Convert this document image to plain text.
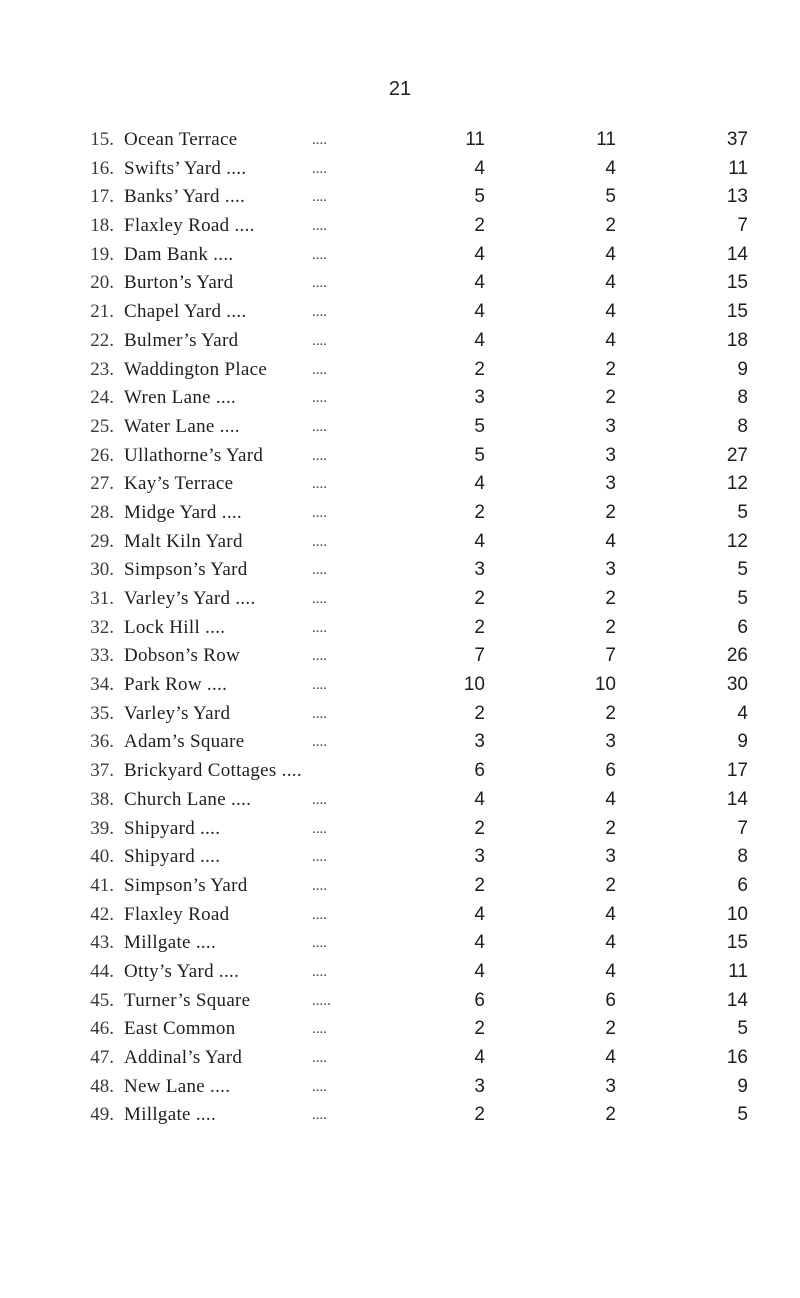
21
15. Ocean Terrace	....	11	11	37
16. Swifts’ Yard ....	....	4	4	11
17. Banks’ Yard ....	....	5	5	13
18. Flaxley Road ....	....	2	2	7
19. Dam Bank ....	....	4	4	14
20. Burton’s Yard	....	4	4	15
21. Chapel Yard ....	....	4	4	15
22. Bulmer’s Yard	....	4	4	18
23. Waddington Place	....	2	2	9
24. Wren Lane ....	....	3	2	8
25. Water Lane ....	....	5	3	8
26. Ullathorne’s Yard	....	5	3	27
27. Kay’s Terrace	....	4	3	12
28. Midge Yard ....	....	2	2	5
29. Malt Kiln Yard	....	4	4	12
30. Simpson’s Yard	....	3	3	5
31. Varley’s Yard ....	....	2	2	5
32. Lock Hill ....	....	2	2	6
33. Dobson’s Row	....	7	7	26
34. Park Row ....	....	10	10	30
35. Varley’s Yard	....	2	2	4
36. Adam’s Square	....	3	3	9
37. Brickyard Cottages ....	6	6	17
38. Church Lane ....	....	4	4	14
39. Shipyard ....	....	2	2	7
40. Shipyard ....	....	3	3	8
41. Simpson’s Yard	....	2	2	6
42. Flaxley Road	....	4	4	10
43. Millgate ....	....	4	4	15
44. Otty’s Yard ....	....	4	4	11
45. Turner’s Square	.....	6	6	14
46. East Common	....	2	2	5
47. Addinal’s Yard	....	4	4	16
48. New Lane ....	....	3	3	9
49. Millgate ....	....	2	2	5
